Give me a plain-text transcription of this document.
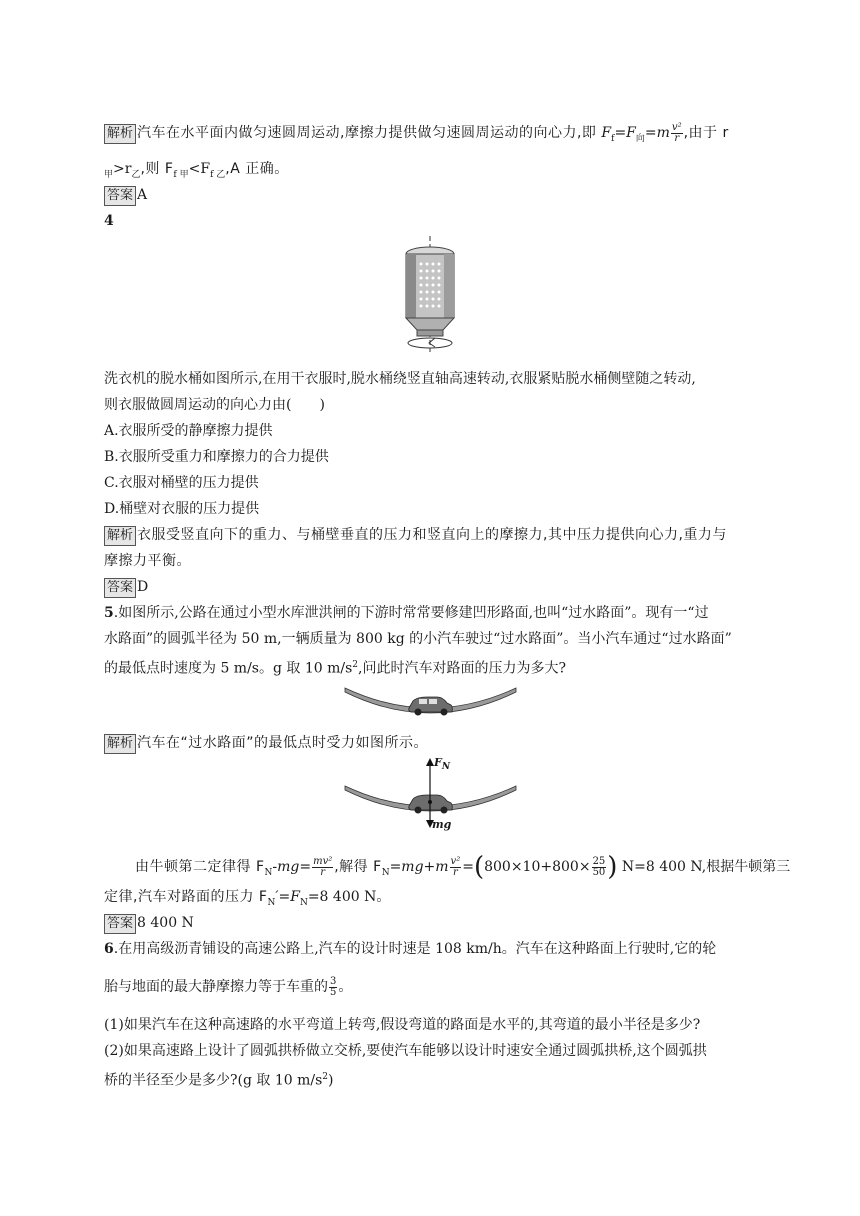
解析 汽车在水平面内做匀速圆周运动,摩擦力提供做匀速圆周运动的向心力,即 $F_f=F_向=m \frac{\text{v²}}{r}$ ,由于 r
$_甲>r_乙$,则 $F_{f 甲}<F_{f 乙},A$ 正确。
答案 A
4
洗衣机的脱水桶如图所示,在用干衣服时,脱水桶绕竖直轴高速转动,衣服紧贴脱水桶侧壁随之转动,
则衣服做圆周运动的向心力由(　　)
A.衣服所受的静摩擦力提供
B.衣服所受重力和摩擦力的合力提供
C.衣服对桶壁的压力提供
D.桶壁对衣服的压力提供
解析 衣服受竖直向下的重力、与桶壁垂直的压力和竖直向上的摩擦力,其中压力提供向心力,重力与
摩擦力平衡。
答案 D
5.如图所示,公路在通过小型水库泄洪闸的下游时常常要修建凹形路面,也叫“过水路面”。现有一“过
水路面”的圆弧半径为 50 m,一辆质量为 800 kg 的小汽车驶过“过水路面”。当小汽车通过“过水路面”
的最低点时速度为 5 m/s。g 取 10 $m/s^2$,问此时汽车对路面的压力为多大?
解析 汽车在“过水路面”的最低点时受力如图所示。
$F_N$
mg
由牛顿第二定律得 $F_N-mg= \frac{\text{mv²}}{r}$ ,解得 $F_N=mg+m \frac{\text{v²}}{r} =(800\times 10+800\times \frac{25}{50}$ ) N=8 400 N,根据牛顿第三
定律,汽车对路面的压力 $F_N'=F_N=8$ 400 N。
答案 8 400 N
6.在用高级沥青铺设的高速公路上,汽车的设计时速是 108 km/h。汽车在这种路面上行驶时,它的轮
胎与地面的最大静摩擦力等于车重的 $\frac{3}{5}$ 。
(1)如果汽车在这种高速路的水平弯道上转弯,假设弯道的路面是水平的,其弯道的最小半径是多少?
(2)如果高速路上设计了圆弧拱桥做立交桥,要使汽车能够以设计时速安全通过圆弧拱桥,这个圆弧拱
桥的半径至少是多少?(g 取 10 $m/s^2$)
